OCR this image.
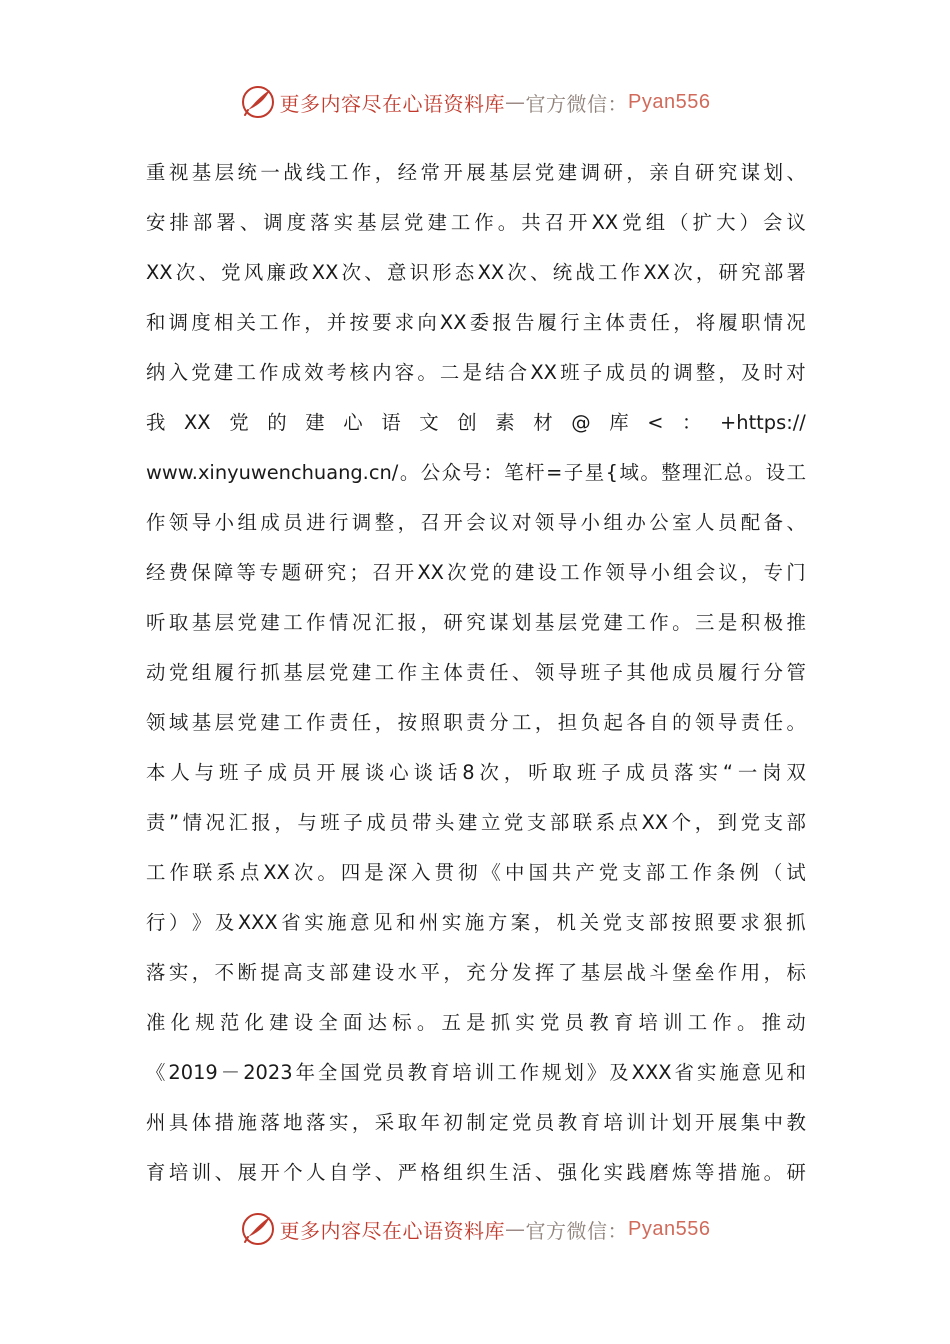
更多内容尽在心语资料库 — 官方微信： Pyan556
重 视 基 层 统 一 战 线 工 作 ， 经 常 开 展 基 层 党 建 调 研 ， 亲 自 研 究 谋 划 、
安 排 部 署 、 调 度 落 实 基 层 党 建 工 作 。 共 召 开 XX 党 组 （ 扩 大 ） 会 议
XX 次 、 党 风 廉 政 XX 次 、 意 识 形 态 XX 次 、 统 战 工 作 XX 次 ， 研 究 部 署
和 调 度 相 关 工 作 ， 并 按 要 求 向 XX 委 报 告 履 行 主 体 责 任 ， 将 履 职 情 况
纳 入 党 建 工 作 成 效 考 核 内 容 。 二 是 结 合 XX 班 子 成 员 的 调 整 ， 及 时 对
我 XX 党 的 建 心 语 文 创 素 材 @ 库 < ： +https://
www.xinyuwenchuang.cn/ 。 公 众 号 ： 笔 杆 = 子 星 { 域 。 整 理 汇 总 。 设 工
作 领 导 小 组 成 员 进 行 调 整 ， 召 开 会 议 对 领 导 小 组 办 公 室 人 员 配 备 、
经 费 保 障 等 专 题 研 究 ； 召 开 XX 次 党 的 建 设 工 作 领 导 小 组 会 议 ， 专 门
听 取 基 层 党 建 工 作 情 况 汇 报 ， 研 究 谋 划 基 层 党 建 工 作 。 三 是 积 极 推
动 党 组 履 行 抓 基 层 党 建 工 作 主 体 责 任 、 领 导 班 子 其 他 成 员 履 行 分 管
领 域 基 层 党 建 工 作 责 任 ， 按 照 职 责 分 工 ， 担 负 起 各 自 的 领 导 责 任 。
本 人 与 班 子 成 员 开 展 谈 心 谈 话 8 次 ， 听 取 班 子 成 员 落 实 “ 一 岗 双
责 ” 情 况 汇 报 ， 与 班 子 成 员 带 头 建 立 党 支 部 联 系 点 XX 个 ， 到 党 支 部
工 作 联 系 点 XX 次 。 四 是 深 入 贯 彻 《 中 国 共 产 党 支 部 工 作 条 例 （ 试
行 ） 》 及 XXX 省 实 施 意 见 和 州 实 施 方 案 ， 机 关 党 支 部 按 照 要 求 狠 抓
落 实 ， 不 断 提 高 支 部 建 设 水 平 ， 充 分 发 挥 了 基 层 战 斗 堡 垒 作 用 ， 标
准 化 规 范 化 建 设 全 面 达 标 。 五 是 抓 实 党 员 教 育 培 训 工 作 。 推 动
《 2019 － 2023 年 全 国 党 员 教 育 培 训 工 作 规 划 》 及 XXX 省 实 施 意 见 和
州 具 体 措 施 落 地 落 实 ， 采 取 年 初 制 定 党 员 教 育 培 训 计 划 开 展 集 中 教
育 培 训 、 展 开 个 人 自 学 、 严 格 组 织 生 活 、 强 化 实 践 磨 炼 等 措 施 。 研
更多内容尽在心语资料库 — 官方微信： Pyan556
